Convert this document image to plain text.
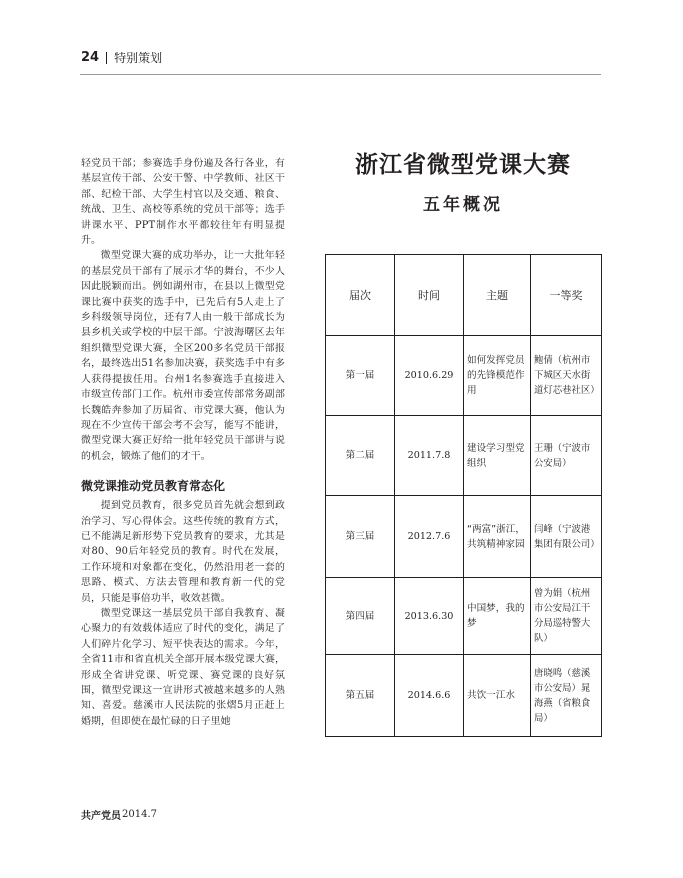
24 特别策划

轻党员干部；参赛选手身份遍及各行各业，有基层宣传干部、公安干警、中学教师、社区干部、纪检干部、大学生村官以及交通、粮食、统战、卫生、高校等系统的党员干部等；选手讲课水平、PPT制作水平都较往年有明显提升。

微型党课大赛的成功举办，让一大批年轻的基层党员干部有了展示才华的舞台，不少人因此脱颖而出。例如湖州市，在县以上微型党课比赛中获奖的选手中，已先后有5人走上了乡科级领导岗位，还有7人由一般干部成长为县乡机关或学校的中层干部。宁波海曙区去年组织微型党课大赛，全区200多名党员干部报名，最终选出51名参加决赛，获奖选手中有多人获得提拔任用。台州1名参赛选手直接进入市级宣传部门工作。杭州市委宣传部常务副部长魏皓奔参加了历届省、市党课大赛，他认为现在不少宣传干部会考不会写，能写不能讲，微型党课大赛正好给一批年轻党员干部讲与说的机会，锻炼了他们的才干。

微党课推动党员教育常态化

提到党员教育，很多党员首先就会想到政治学习、写心得体会。这些传统的教育方式，已不能满足新形势下党员教育的要求，尤其是对80、90后年轻党员的教育。时代在发展，工作环境和对象都在变化，仍然沿用老一套的思路、模式、方法去管理和教育新一代的党员，只能是事倍功半，收效甚微。

微型党课这一基层党员干部自我教育、凝心聚力的有效载体适应了时代的变化，满足了人们碎片化学习、短平快表达的需求。今年，全省11市和省直机关全部开展本级党课大赛，形成全省讲党课、听党课、赛党课的良好氛围，微型党课这一宣讲形式被越来越多的人熟知、喜爱。慈溪市人民法院的张熠5月正赶上婚期，但即使在最忙碌的日子里她

浙江省微型党课大赛
五年概况
届次	时间	主题	一等奖
第一届	2010.6.29	如何发挥党员的先锋模范作用	鲍倩（杭州市下城区天水街道灯芯巷社区）
第二届	2011.7.8	建设学习型党组织	王珊（宁波市公安局）
第三届	2012.7.6	“两富”浙江，共筑精神家园	闫峰（宁波港集团有限公司）
第四届	2013.6.30	中国梦，我的梦	曾为娟（杭州市公安局江干分局巡特警大队）
第五届	2014.6.6	共饮一江水	唐晓鸣（慈溪市公安局）晁海燕（省粮食局）
共产党员 2014.7
